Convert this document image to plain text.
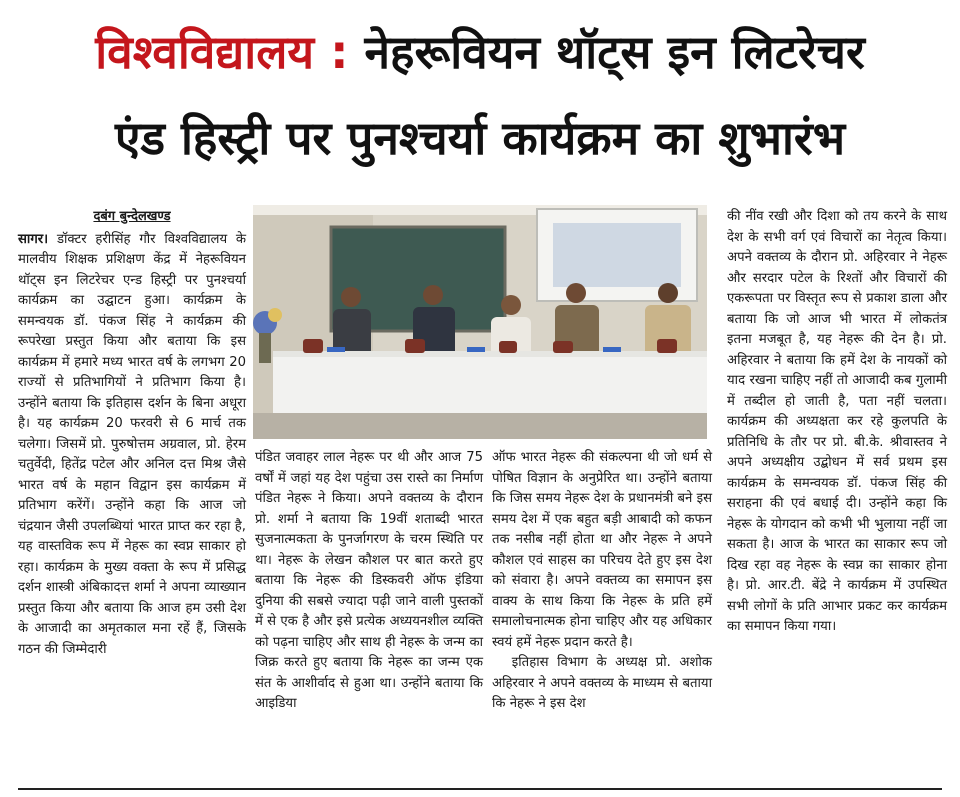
विश्वविद्यालय : नेहरूवियन थॉट्स इन लिटरेचर
एंड हिस्ट्री पर पुनश्चर्या कार्यक्रम का शुभारंभ
दबंग बुन्देलखण्ड

सागर। डॉक्टर हरीसिंह गौर विश्वविद्यालय के मालवीय शिक्षक प्रशिक्षण केंद्र में नेहरूवियन थॉट्स इन लिटरेचर एन्ड हिस्ट्री पर पुनश्चर्या कार्यक्रम का उद्घाटन हुआ। कार्यक्रम के समन्वयक डॉ. पंकज सिंह ने कार्यक्रम की रूपरेखा प्रस्तुत किया और बताया कि इस कार्यक्रम में हमारे मध्य भारत वर्ष के लगभग 20 राज्यों से प्रतिभागियों ने प्रतिभाग किया है। उन्होंने बताया कि इतिहास दर्शन के बिना अधूरा है। यह कार्यक्रम 20 फरवरी से 6 मार्च तक चलेगा। जिसमें प्रो. पुरुषोत्तम अग्रवाल, प्रो. हेरम चतुर्वेदी, हितेंद्र पटेल और अनिल दत्त मिश्र जैसे भारत वर्ष के महान विद्वान इस कार्यक्रम में प्रतिभाग करेंगें। उन्होंने कहा कि आज जो चंद्रयान जैसी उपलब्धियां भारत प्राप्त कर रहा है, यह वास्तविक रूप में नेहरू का स्वप्न साकार हो रहा। कार्यक्रम के मुख्य वक्ता के रूप में प्रसिद्ध दर्शन शास्त्री अंबिकादत्त शर्मा ने अपना व्याख्यान प्रस्तुत किया और बताया कि आज हम उसी देश के आजादी का अमृतकाल मना रहें हैं, जिसके गठन की जिम्मेदारी

पंडित जवाहर लाल नेहरू पर थी और आज 75 वर्षों में जहां यह देश पहुंचा उस रास्ते का निर्माण पंडित नेहरू ने किया। अपने वक्तव्य के दौरान प्रो. शर्मा ने बताया कि 19वीं शताब्दी भारत सुजनात्मकता के पुनर्जागरण के चरम स्थिति पर था। नेहरू के लेखन कौशल पर बात करते हुए बताया कि नेहरू की डिस्कवरी ऑफ इंडिया दुनिया की सबसे ज्यादा पढ़ी जाने वाली पुस्तकों में से एक है और इसे प्रत्येक अध्ययनशील व्यक्ति को पढ़ना चाहिए और साथ ही नेहरू के जन्म का जिक्र करते हुए बताया कि नेहरू का जन्म एक संत के आशीर्वाद से हुआ था। उन्होंने बताया कि आइडिया

ऑफ भारत नेहरू की संकल्पना थी जो धर्म से पोषित विज्ञान के अनुप्रेरित था। उन्होंने बताया कि जिस समय नेहरू देश के प्रधानमंत्री बने इस समय देश में एक बहुत बड़ी आबादी को कफन तक नसीब नहीं होता था और नेहरू ने अपने कौशल एवं साहस का परिचय देते हुए इस देश को संवारा है। अपने वक्तव्य का समापन इस वाक्य के साथ किया कि नेहरू के प्रति हमें समालोचनात्मक होना चाहिए और यह अधिकार स्वयं हमें नेहरू प्रदान करते है।

इतिहास विभाग के अध्यक्ष प्रो. अशोक अहिरवार ने अपने वक्तव्य के माध्यम से बताया कि नेहरू ने इस देश

की नींव रखी और दिशा को तय करने के साथ देश के सभी वर्ग एवं विचारों का नेतृत्व किया। अपने वक्तव्य के दौरान प्रो. अहिरवार ने नेहरू और सरदार पटेल के रिश्तों और विचारों की एकरूपता पर विस्तृत रूप से प्रकाश डाला और बताया कि जो आज भी भारत में लोकतंत्र इतना मजबूत है, यह नेहरू की देन है। प्रो. अहिरवार ने बताया कि हमें देश के नायकों को याद रखना चाहिए नहीं तो आजादी कब गुलामी में तब्दील हो जाती है, पता नहीं चलता। कार्यक्रम की अध्यक्षता कर रहे कुलपति के प्रतिनिधि के तौर पर प्रो. बी.के. श्रीवास्तव ने अपने अध्यक्षीय उद्बोधन में सर्व प्रथम इस कार्यक्रम के समन्वयक डॉ. पंकज सिंह की सराहना की एवं बधाई दी। उन्होंने कहा कि नेहरू के योगदान को कभी भी भुलाया नहीं जा सकता है। आज के भारत का साकार रूप जो दिख रहा वह नेहरू के स्वप्न का साकार होना है। प्रो. आर.टी. बेंद्रे ने कार्यक्रम में उपस्थित सभी लोगों के प्रति आभार प्रकट कर कार्यक्रम का समापन किया गया।
